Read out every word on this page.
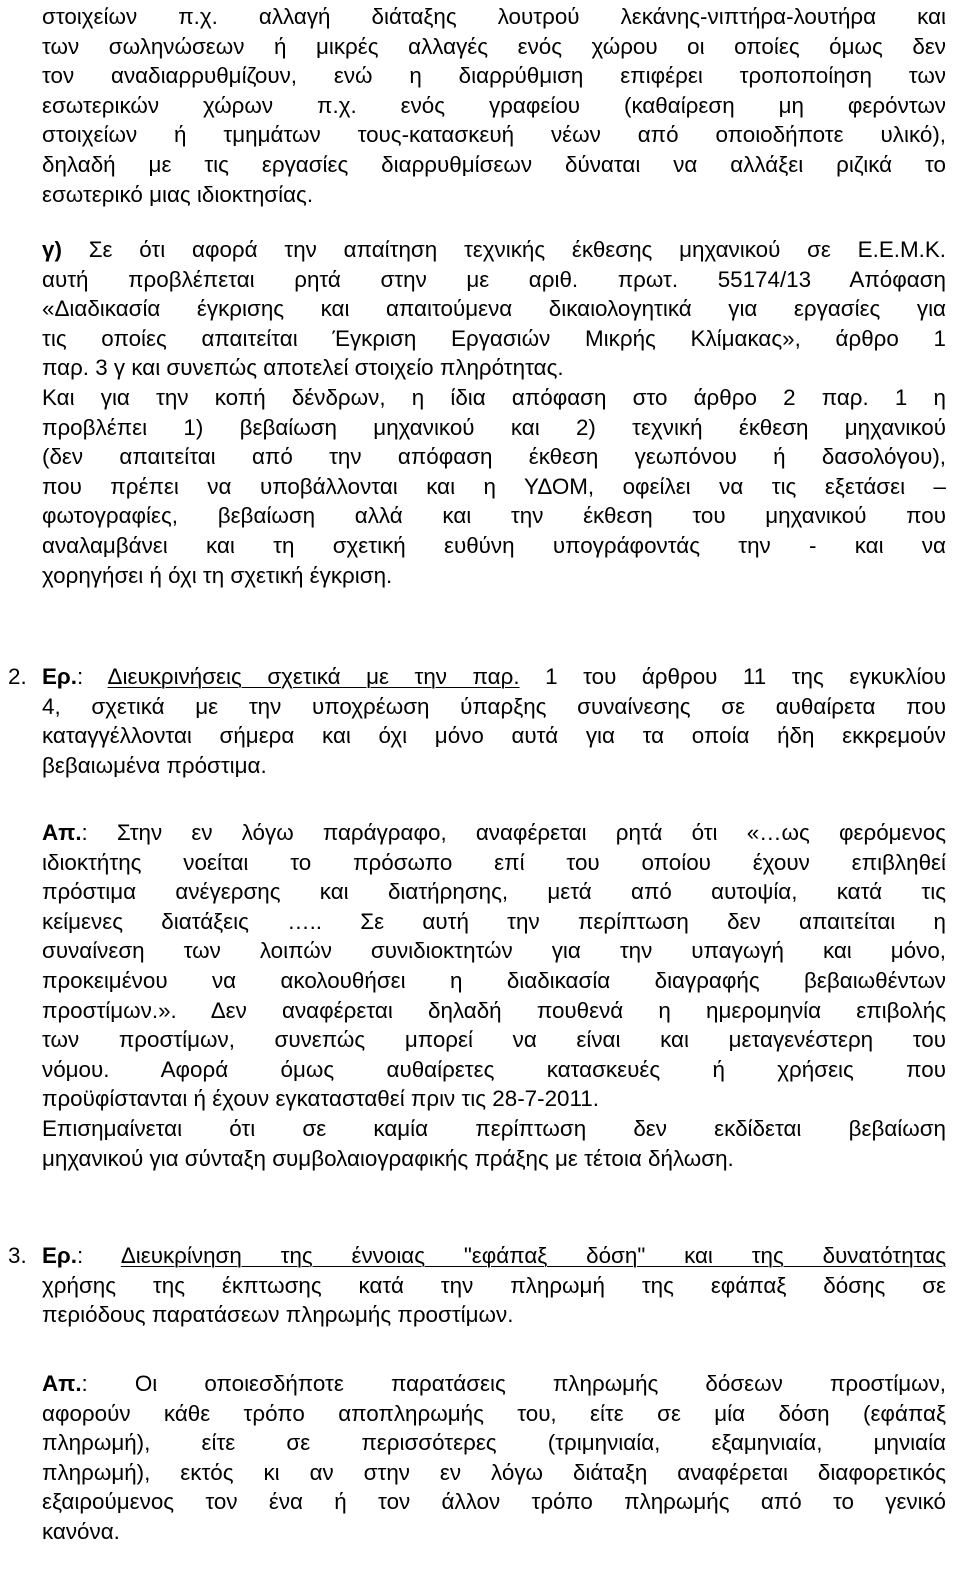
στοιχείων π.χ. αλλαγή διάταξης λουτρού λεκάνης-νιπτήρα-λουτήρα και
των σωληνώσεων ή μικρές αλλαγές ενός χώρου οι οποίες όμως δεν
τον αναδιαρρυθμίζουν, ενώ η διαρρύθμιση επιφέρει τροποποίηση των
εσωτερικών χώρων π.χ. ενός γραφείου (καθαίρεση μη φερόντων
στοιχείων ή τμημάτων τους-κατασκευή νέων από οποιοδήποτε υλικό),
δηλαδή με τις εργασίες διαρρυθμίσεων δύναται να αλλάξει ριζικά το
εσωτερικό μιας ιδιοκτησίας.
γ) Σε ότι αφορά την απαίτηση τεχνικής έκθεσης μηχανικού σε Ε.Ε.Μ.Κ.
αυτή προβλέπεται ρητά στην με αριθ. πρωτ. 55174/13 Απόφαση
«Διαδικασία έγκρισης και απαιτούμενα δικαιολογητικά για εργασίες για
τις οποίες απαιτείται Έγκριση Εργασιών Μικρής Κλίμακας», άρθρο 1
παρ. 3 γ και συνεπώς αποτελεί στοιχείο πληρότητας.
Και για την κοπή δένδρων, η ίδια απόφαση στο άρθρο 2 παρ. 1 η
προβλέπει 1) βεβαίωση μηχανικού και 2) τεχνική έκθεση μηχανικού
(δεν απαιτείται από την απόφαση έκθεση γεωπόνου ή δασολόγου),
που πρέπει να υποβάλλονται και η ΥΔΟΜ, οφείλει να τις εξετάσει –
φωτογραφίες, βεβαίωση αλλά και την έκθεση του μηχανικού που
αναλαμβάνει και τη σχετική ευθύνη υπογράφοντάς την - και να
χορηγήσει ή όχι τη σχετική έγκριση.
2. Ερ.: Διευκρινήσεις σχετικά με την παρ. 1 του άρθρου 11 της εγκυκλίου
4, σχετικά με την υποχρέωση ύπαρξης συναίνεσης σε αυθαίρετα που
καταγγέλλονται σήμερα και όχι μόνο αυτά για τα οποία ήδη εκκρεμούν
βεβαιωμένα πρόστιμα.
Απ.: Στην εν λόγω παράγραφο, αναφέρεται ρητά ότι «…ως φερόμενος
ιδιοκτήτης νοείται το πρόσωπο επί του οποίου έχουν επιβληθεί
πρόστιμα ανέγερσης και διατήρησης, μετά από αυτοψία, κατά τις
κείμενες διατάξεις ….. Σε αυτή την περίπτωση δεν απαιτείται η
συναίνεση των λοιπών συνιδιοκτητών για την υπαγωγή και μόνο,
προκειμένου να ακολουθήσει η διαδικασία διαγραφής βεβαιωθέντων
προστίμων.». Δεν αναφέρεται δηλαδή πουθενά η ημερομηνία επιβολής
των προστίμων, συνεπώς μπορεί να είναι και μεταγενέστερη του
νόμου. Αφορά όμως αυθαίρετες κατασκευές ή χρήσεις που
προϋφίστανται ή έχουν εγκατασταθεί πριν τις 28-7-2011.
Επισημαίνεται ότι σε καμία περίπτωση δεν εκδίδεται βεβαίωση
μηχανικού για σύνταξη συμβολαιογραφικής πράξης με τέτοια δήλωση.
3. Ερ.: Διευκρίνηση της έννοιας "εφάπαξ δόση" και της δυνατότητας
χρήσης της έκπτωσης κατά την πληρωμή της εφάπαξ δόσης σε
περιόδους παρατάσεων πληρωμής προστίμων.
Απ.: Οι οποιεσδήποτε παρατάσεις πληρωμής δόσεων προστίμων,
αφορούν κάθε τρόπο αποπληρωμής του, είτε σε μία δόση (εφάπαξ
πληρωμή), είτε σε περισσότερες (τριμηνιαία, εξαμηνιαία, μηνιαία
πληρωμή), εκτός κι αν στην εν λόγω διάταξη αναφέρεται διαφορετικός
εξαιρούμενος τον ένα ή τον άλλον τρόπο πληρωμής από το γενικό
κανόνα.
